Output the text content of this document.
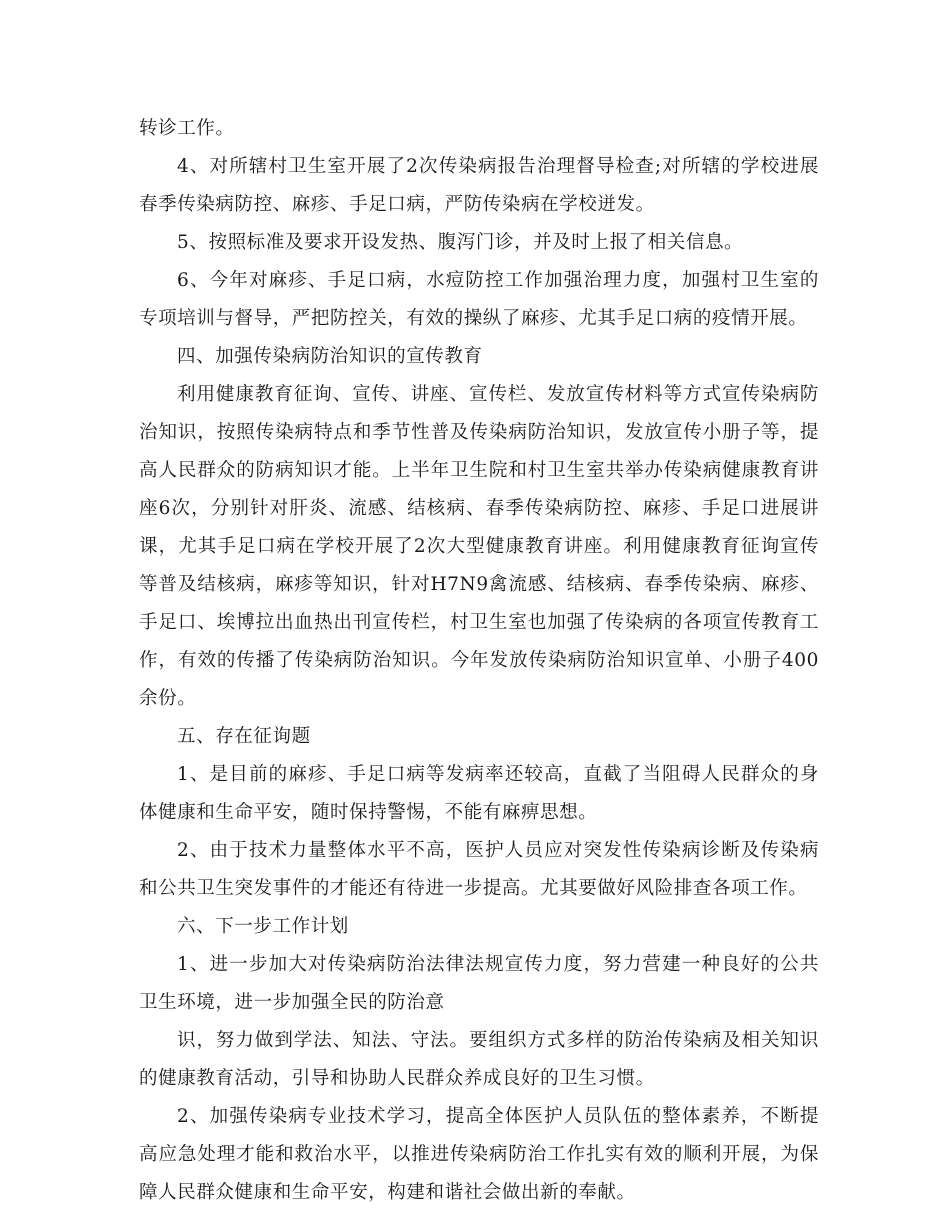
转诊工作。

4、对所辖村卫生室开展了2次传染病报告治理督导检查;对所辖的学校进展春季传染病防控、麻疹、手足口病，严防传染病在学校迸发。

5、按照标准及要求开设发热、腹泻门诊，并及时上报了相关信息。

6、今年对麻疹、手足口病，水痘防控工作加强治理力度，加强村卫生室的专项培训与督导，严把防控关，有效的操纵了麻疹、尤其手足口病的疫情开展。

四、加强传染病防治知识的宣传教育

利用健康教育征询、宣传、讲座、宣传栏、发放宣传材料等方式宣传染病防治知识，按照传染病特点和季节性普及传染病防治知识，发放宣传小册子等，提高人民群众的防病知识才能。上半年卫生院和村卫生室共举办传染病健康教育讲座6次，分别针对肝炎、流感、结核病、春季传染病防控、麻疹、手足口进展讲课，尤其手足口病在学校开展了2次大型健康教育讲座。利用健康教育征询宣传等普及结核病，麻疹等知识，针对H7N9禽流感、结核病、春季传染病、麻疹、手足口、埃博拉出血热出刊宣传栏，村卫生室也加强了传染病的各项宣传教育工作，有效的传播了传染病防治知识。今年发放传染病防治知识宣单、小册子400余份。

五、存在征询题

1、是目前的麻疹、手足口病等发病率还较高，直截了当阻碍人民群众的身体健康和生命平安，随时保持警惕，不能有麻痹思想。

2、由于技术力量整体水平不高，医护人员应对突发性传染病诊断及传染病和公共卫生突发事件的才能还有待进一步提高。尤其要做好风险排查各项工作。

六、下一步工作计划

1、进一步加大对传染病防治法律法规宣传力度，努力营建一种良好的公共卫生环境，进一步加强全民的防治意

识，努力做到学法、知法、守法。要组织方式多样的防治传染病及相关知识的健康教育活动，引导和协助人民群众养成良好的卫生习惯。

2、加强传染病专业技术学习，提高全体医护人员队伍的整体素养，不断提高应急处理才能和救治水平，以推进传染病防治工作扎实有效的顺利开展，为保障人民群众健康和生命平安，构建和谐社会做出新的奉献。
